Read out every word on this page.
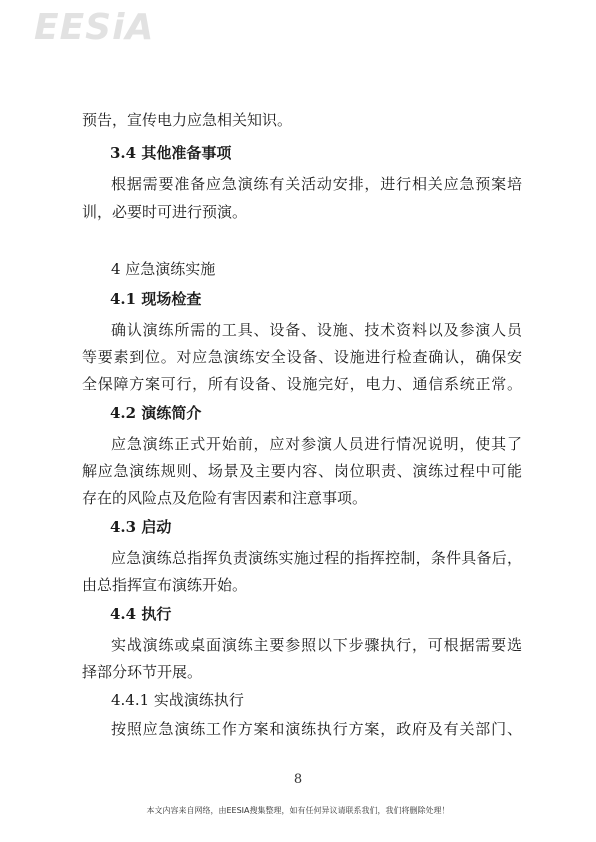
EESiA
预告，宣传电力应急相关知识。
3.4 其他准备事项
根据需要准备应急演练有关活动安排，进行相关应急预案培
训，必要时可进行预演。
4 应急演练实施
4.1 现场检查
确认演练所需的工具、设备、设施、技术资料以及参演人员
等要素到位。对应急演练安全设备、设施进行检查确认，确保安
全保障方案可行，所有设备、设施完好，电力、通信系统正常。
4.2 演练简介
应急演练正式开始前，应对参演人员进行情况说明，使其了
解应急演练规则、场景及主要内容、岗位职责、演练过程中可能
存在的风险点及危险有害因素和注意事项。
4.3 启动
应急演练总指挥负责演练实施过程的指挥控制，条件具备后，
由总指挥宣布演练开始。
4.4 执行
实战演练或桌面演练主要参照以下步骤执行，可根据需要选
择部分环节开展。
4.4.1 实战演练执行
按照应急演练工作方案和演练执行方案，政府及有关部门、
8
本文内容来自网络，由EESIA搜集整理，如有任何异议请联系我们，我们将删除处理！
